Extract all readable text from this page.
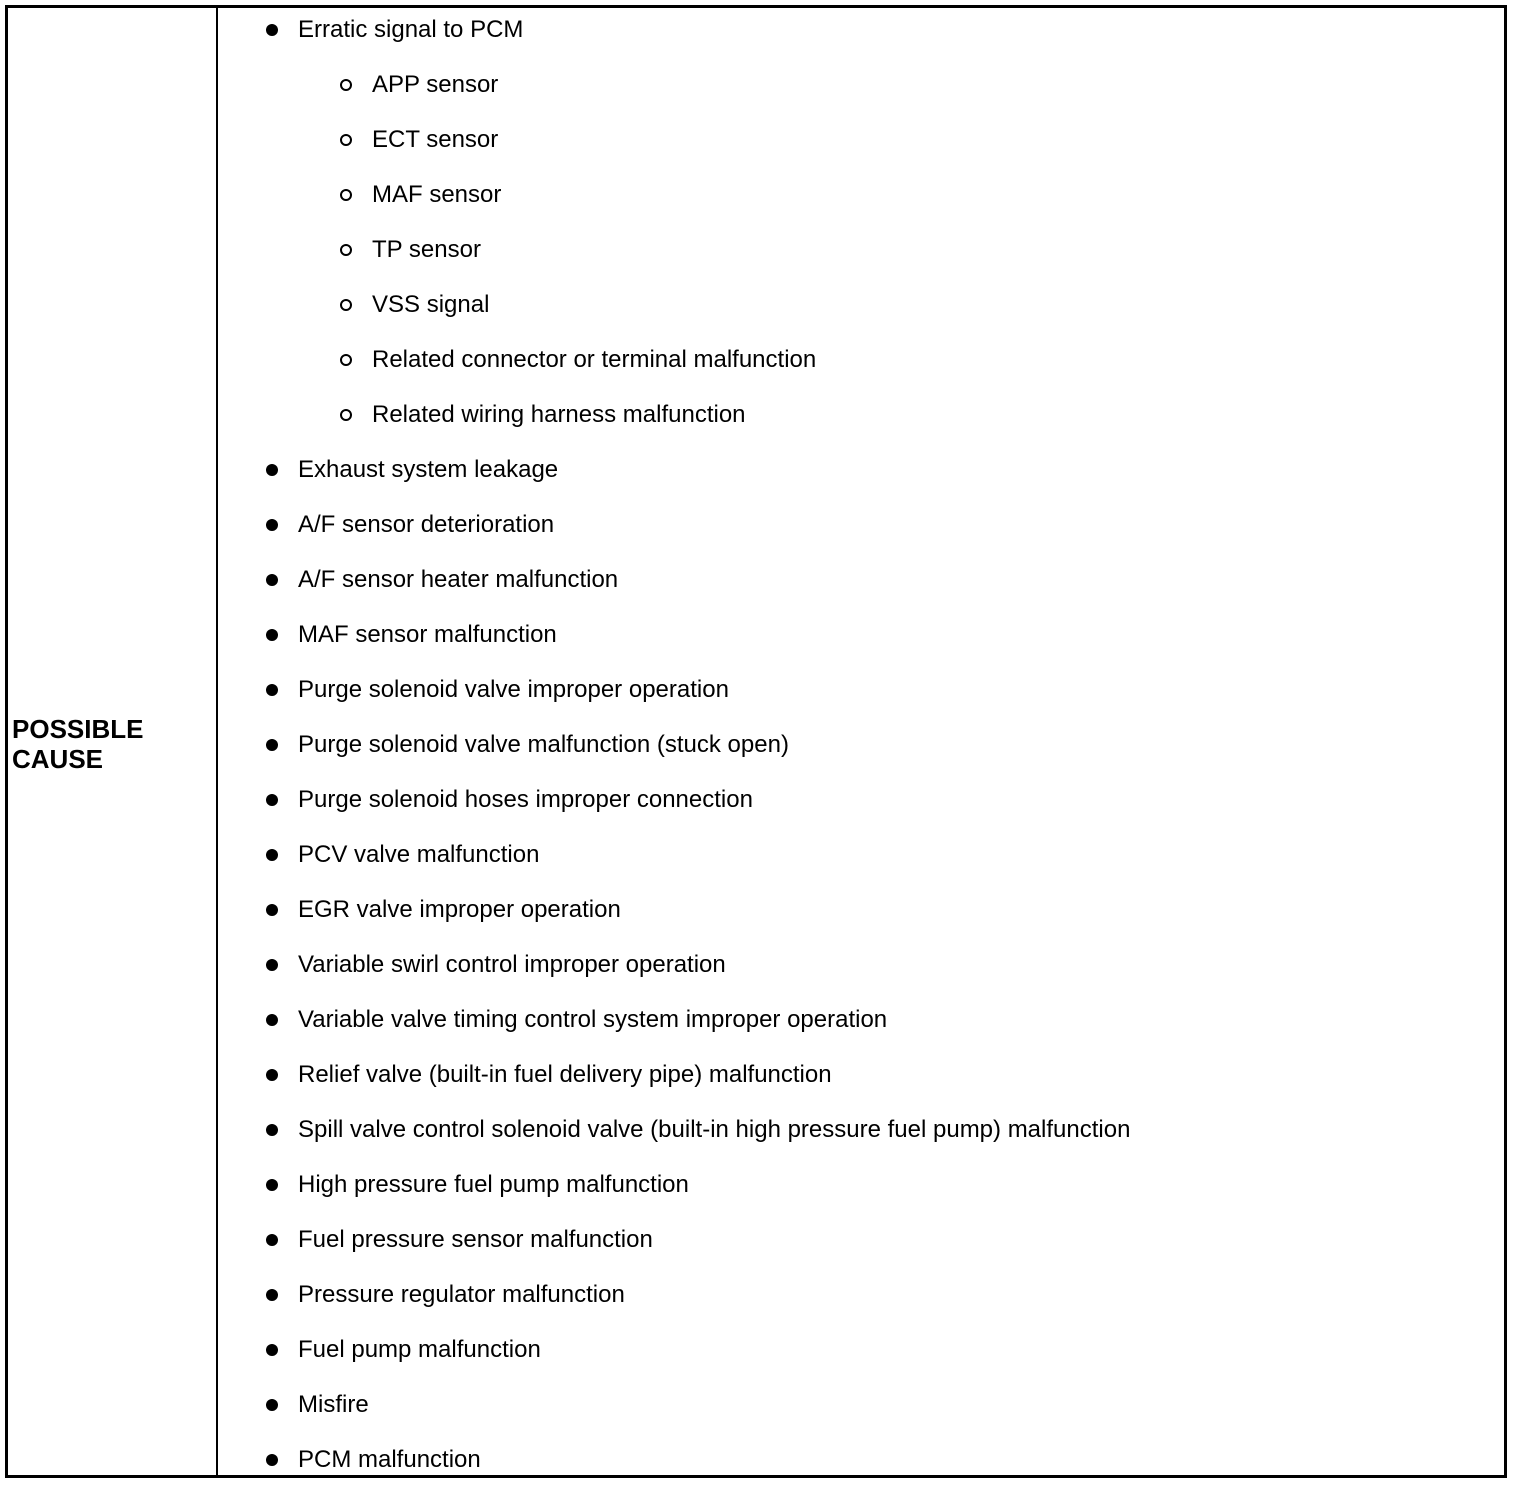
POSSIBLE
CAUSE
Erratic signal to PCM
APP sensor
ECT sensor
MAF sensor
TP sensor
VSS signal
Related connector or terminal malfunction
Related wiring harness malfunction
Exhaust system leakage
A/F sensor deterioration
A/F sensor heater malfunction
MAF sensor malfunction
Purge solenoid valve improper operation
Purge solenoid valve malfunction (stuck open)
Purge solenoid hoses improper connection
PCV valve malfunction
EGR valve improper operation
Variable swirl control improper operation
Variable valve timing control system improper operation
Relief valve (built-in fuel delivery pipe) malfunction
Spill valve control solenoid valve (built-in high pressure fuel pump) malfunction
High pressure fuel pump malfunction
Fuel pressure sensor malfunction
Pressure regulator malfunction
Fuel pump malfunction
Misfire
PCM malfunction
